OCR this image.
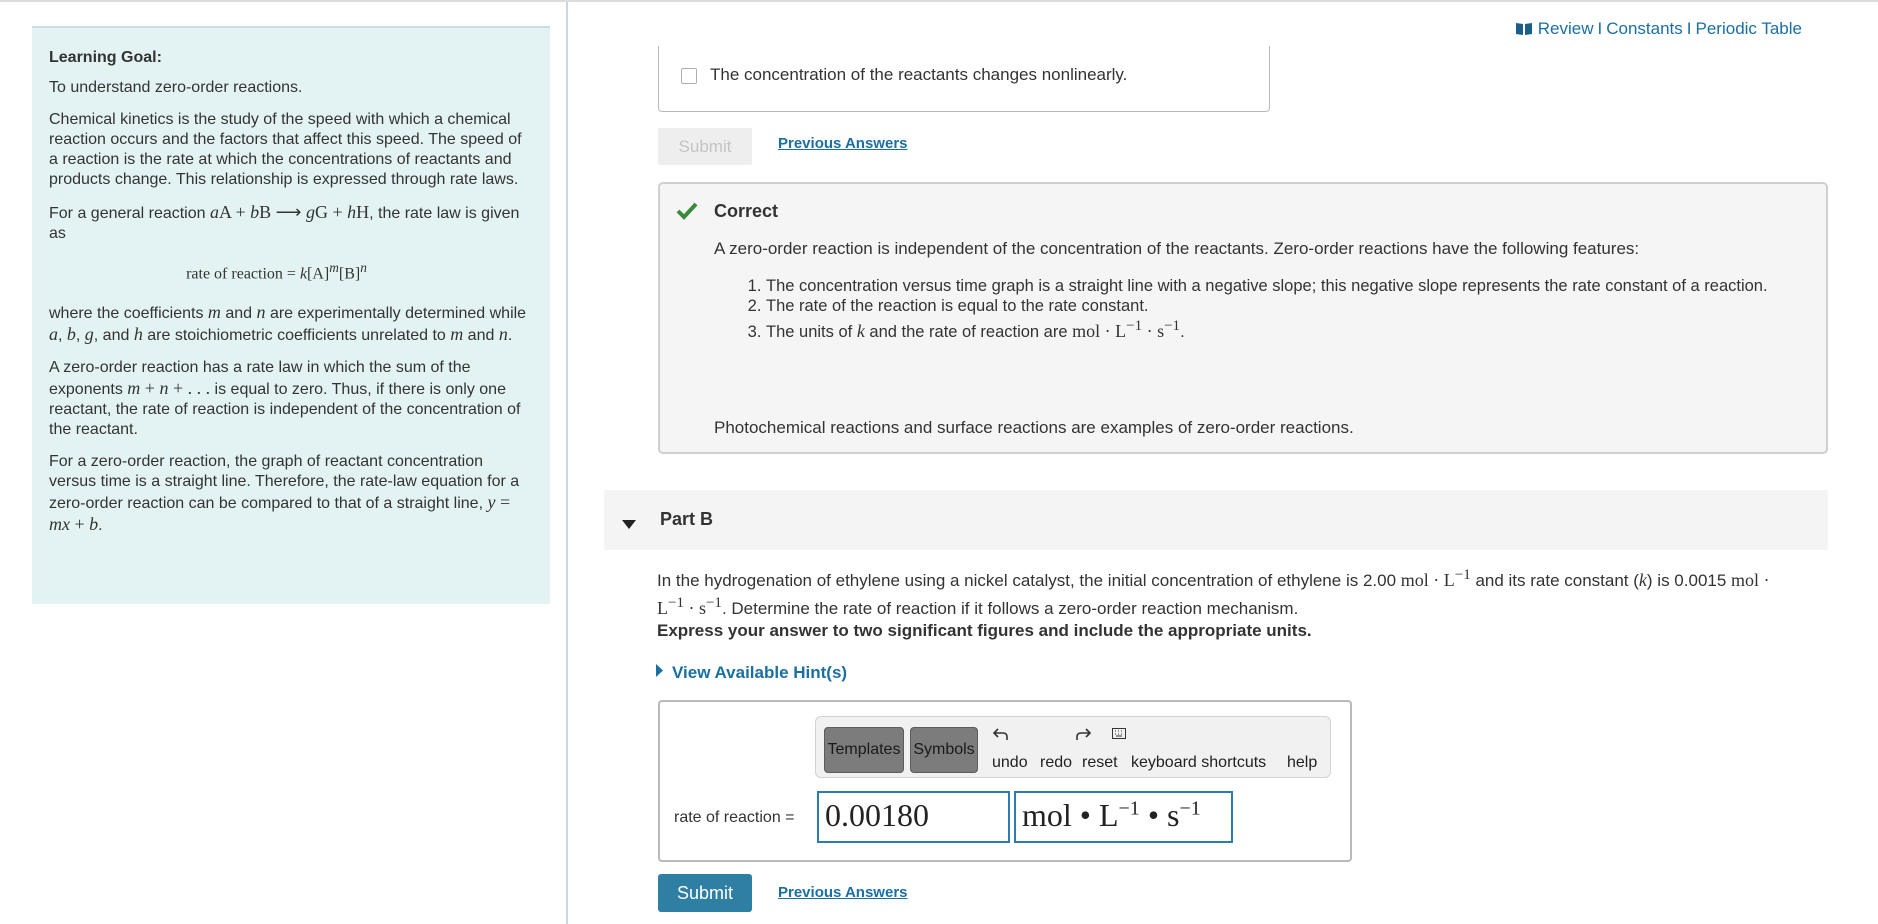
Learning Goal:

To understand zero-order reactions.

Chemical kinetics is the study of the speed with which a chemical reaction occurs and the factors that affect this speed. The speed of a reaction is the rate at which the concentrations of reactants and products change. This relationship is expressed through rate laws.

For a general reaction aA + bB ⟶ gG + hH, the rate law is given as

rate of reaction = $k[A]^m[B]^n$

where the coefficients m and n are experimentally determined while a, b, g, and h are stoichiometric coefficients unrelated to m and n.

A zero-order reaction has a rate law in which the sum of the exponents m + n + . . . is equal to zero. Thus, if there is only one reactant, the rate of reaction is independent of the concentration of the reactant.

For a zero-order reaction, the graph of reactant concentration versus time is a straight line. Therefore, the rate-law equation for a zero-order reaction can be compared to that of a straight line, y = mx + b.

Review I Constants I Periodic Table
The concentration of the reactants changes nonlinearly.
Submit	Previous Answers
Correct
A zero-order reaction is independent of the concentration of the reactants. Zero-order reactions have the following features:
1. The concentration versus time graph is a straight line with a negative slope; this negative slope represents the rate constant of a reaction.
2. The rate of the reaction is equal to the rate constant.
3. The units of k and the rate of reaction are mol · $L^{-1} \cdot s^{-1}$.
Photochemical reactions and surface reactions are examples of zero-order reactions.
Part B
In the hydrogenation of ethylene using a nickel catalyst, the initial concentration of ethylene is 2.00 mol · $L^{-1}$ and its rate constant (k) is 0.0015 mol · $L^{-1} \cdot s^{-1}$. Determine the rate of reaction if it follows a zero-order reaction mechanism.
Express your answer to two significant figures and include the appropriate units.
View Available Hint(s)
Templates Symbols
undo redo reset keyboard shortcuts help
rate of reaction = 0.00180	mol • $L^{-1}$ • $s^{-1}$
Submit	Previous Answers
